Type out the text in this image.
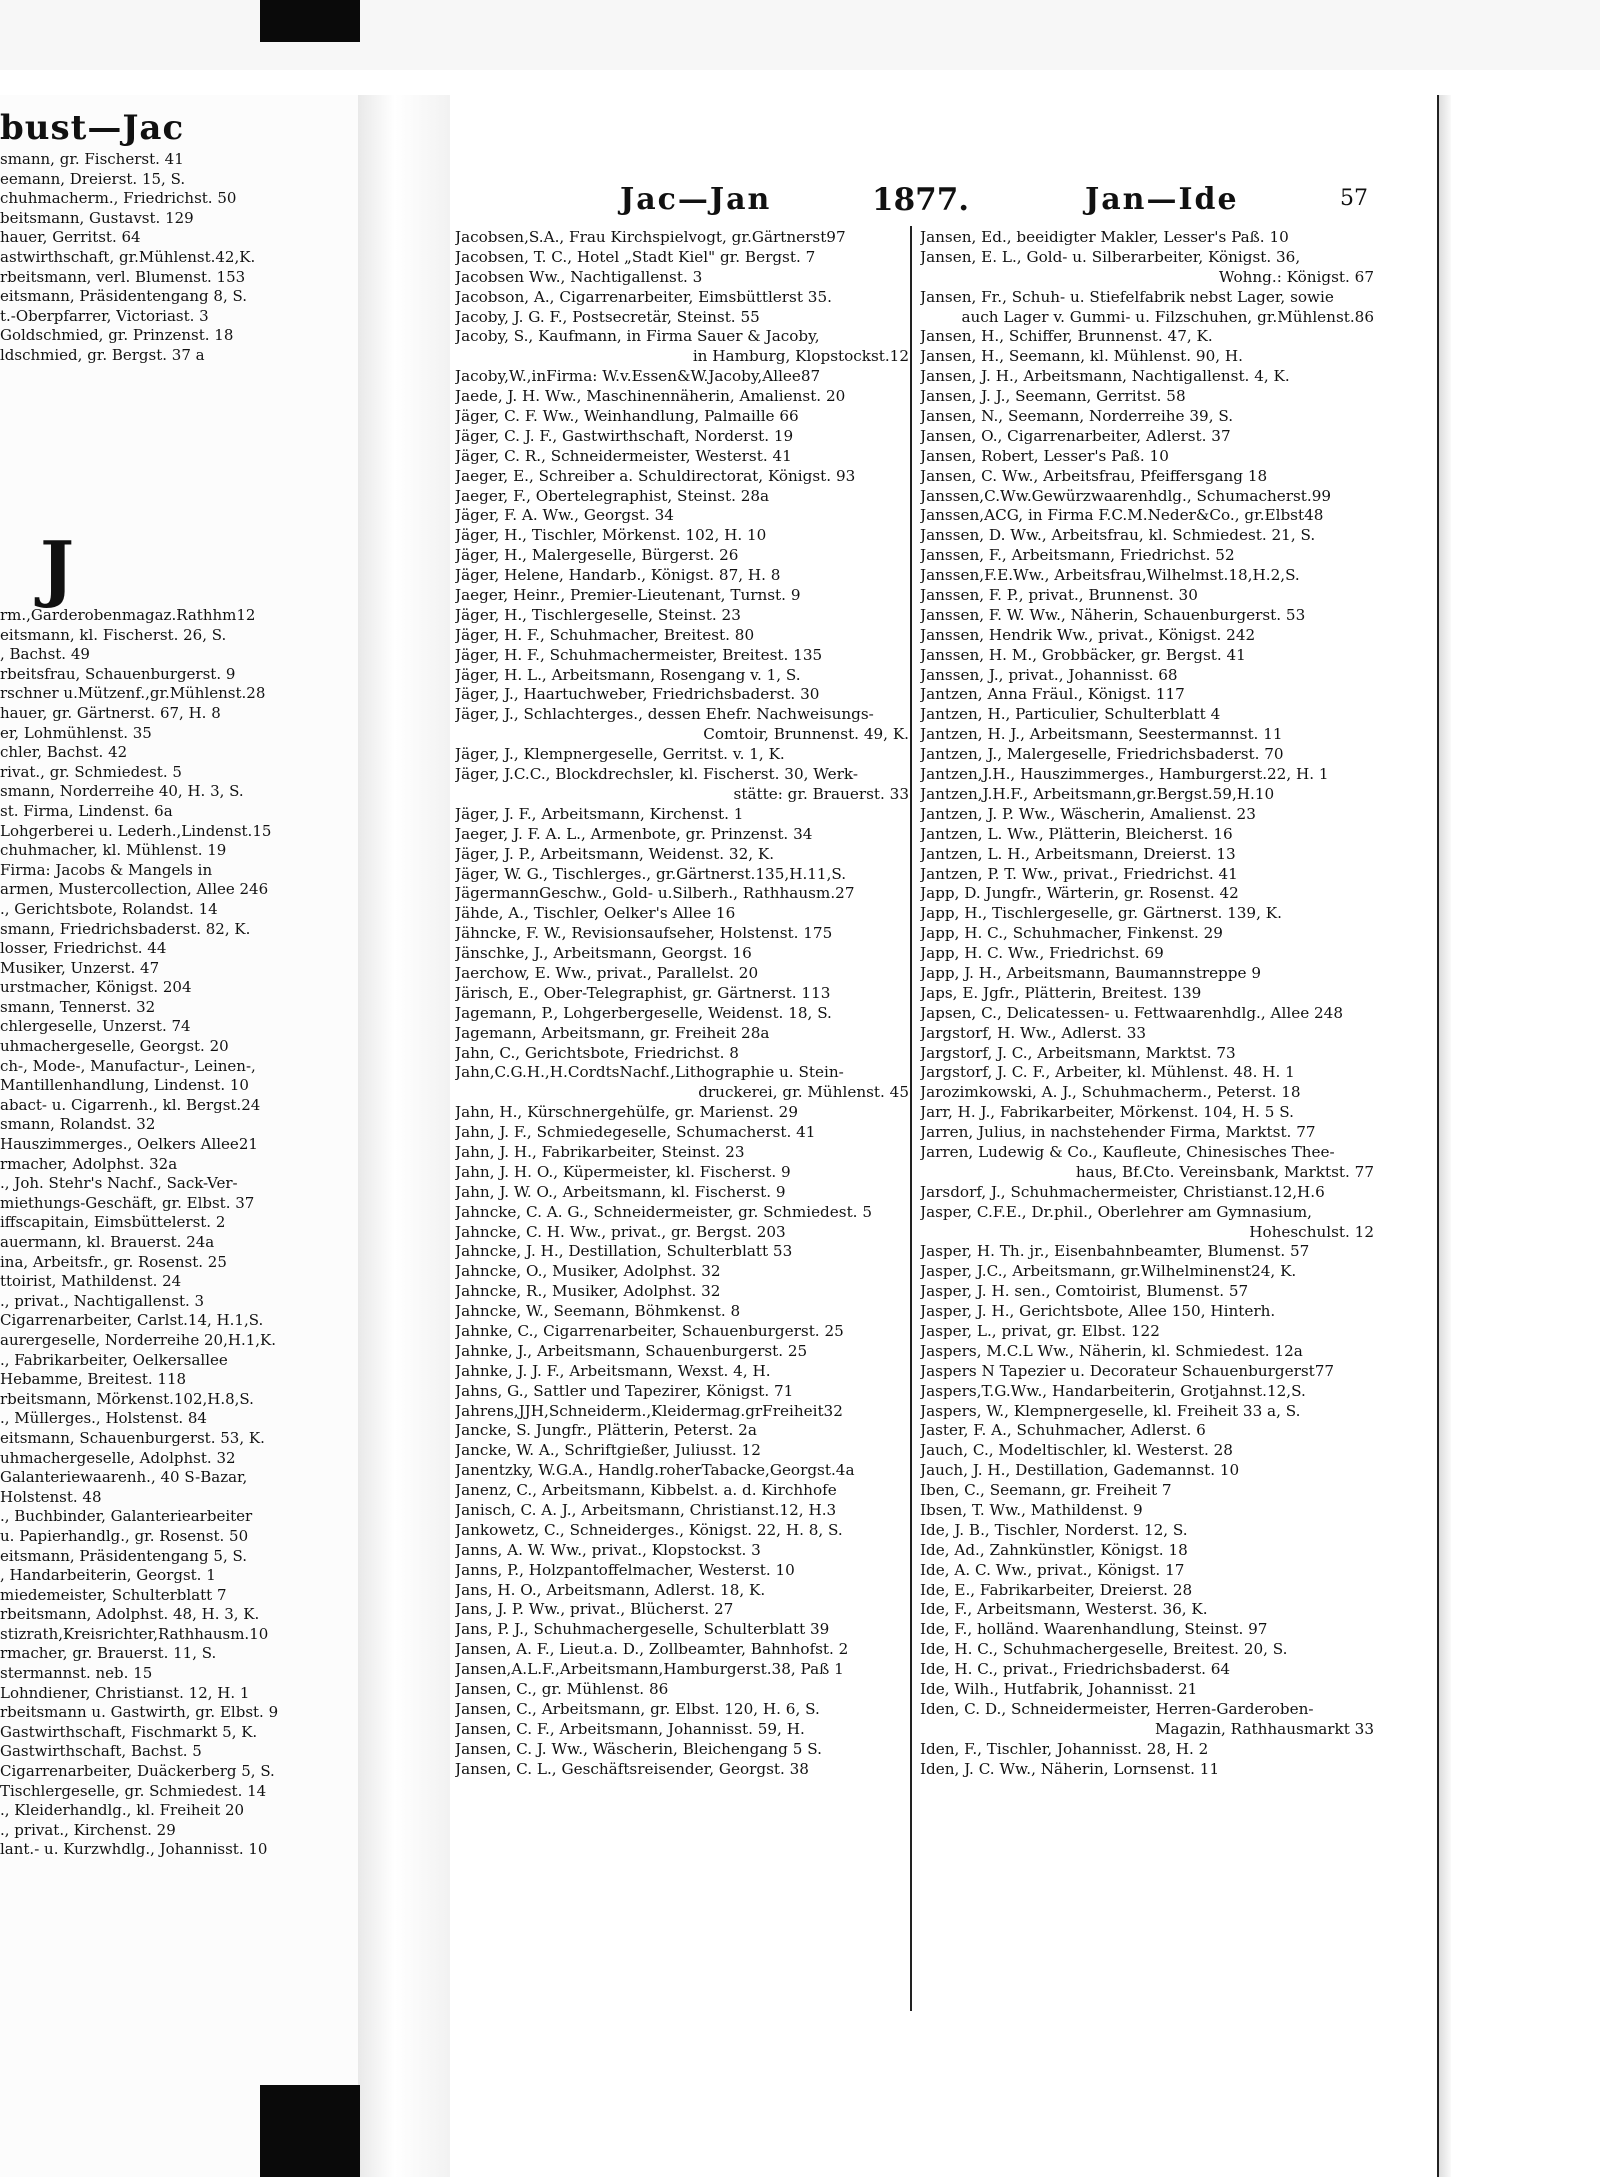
bust—Jac
smann, gr. Fischerst. 41
eemann, Dreierst. 15, S.
chuhmacherm., Friedrichst. 50
beitsmann, Gustavst. 129
hauer, Gerritst. 64
astwirthschaft, gr.Mühlenst.42,K.
rbeitsmann, verl. Blumenst. 153
eitsmann, Präsidentengang 8, S.
t.-Oberpfarrer, Victoriast. 3
Goldschmied, gr. Prinzenst. 18
ldschmied, gr. Bergst. 37 a
J
rm.,Garderobenmagaz.Rathhm12
eitsmann, kl. Fischerst. 26, S.
, Bachst. 49
rbeitsfrau, Schauenburgerst. 9
rschner u.Mützenf.,gr.Mühlenst.28
hauer, gr. Gärtnerst. 67, H. 8
er, Lohmühlenst. 35
chler, Bachst. 42
rivat., gr. Schmiedest. 5
smann, Norderreihe 40, H. 3, S.
st. Firma, Lindenst. 6a
Lohgerberei u. Lederh.,Lindenst.15
chuhmacher, kl. Mühlenst. 19
Firma: Jacobs & Mangels in
armen, Mustercollection, Allee 246
., Gerichtsbote, Rolandst. 14
smann, Friedrichsbaderst. 82, K.
losser, Friedrichst. 44
Musiker, Unzerst. 47
urstmacher, Königst. 204
smann, Tennerst. 32
chlergeselle, Unzerst. 74
uhmachergeselle, Georgst. 20
ch-, Mode-, Manufactur-, Leinen-,
Mantillenhandlung, Lindenst. 10
abact- u. Cigarrenh., kl. Bergst.24
smann, Rolandst. 32
Hauszimmerges., Oelkers Allee21
rmacher, Adolphst. 32a
., Joh. Stehr's Nachf., Sack-Ver-
miethungs-Geschäft, gr. Elbst. 37
iffscapitain, Eimsbüttelerst. 2
auermann, kl. Brauerst. 24a
ina, Arbeitsfr., gr. Rosenst. 25
ttoirist, Mathildenst. 24
., privat., Nachtigallenst. 3
Cigarrenarbeiter, Carlst.14, H.1,S.
aurergeselle, Norderreihe 20,H.1,K.
., Fabrikarbeiter, Oelkersallee
Hebamme, Breitest. 118
rbeitsmann, Mörkenst.102,H.8,S.
., Müllerges., Holstenst. 84
eitsmann, Schauenburgerst. 53, K.
uhmachergeselle, Adolphst. 32
Galanteriewaarenh., 40 S-Bazar,
Holstenst. 48
., Buchbinder, Galanteriearbeiter
u. Papierhandlg., gr. Rosenst. 50
eitsmann, Präsidentengang 5, S.
, Handarbeiterin, Georgst. 1
miedemeister, Schulterblatt 7
rbeitsmann, Adolphst. 48, H. 3, K.
stizrath,Kreisrichter,Rathhausm.10
rmacher, gr. Brauerst. 11, S.
stermannst. neb. 15
Lohndiener, Christianst. 12, H. 1
rbeitsmann u. Gastwirth, gr. Elbst. 9
Gastwirthschaft, Fischmarkt 5, K.
Gastwirthschaft, Bachst. 5
Cigarrenarbeiter, Duäckerberg 5, S.
Tischlergeselle, gr. Schmiedest. 14
., Kleiderhandlg., kl. Freiheit 20
., privat., Kirchenst. 29
lant.- u. Kurzwhdlg., Johannisst. 10
Jac—Jan	1877.	Jan—Ide	57
Jacobsen,S.A., Frau Kirchspielvogt, gr.Gärtnerst97
Jacobsen, T. C., Hotel „Stadt Kiel" gr. Bergst. 7
Jacobsen Ww., Nachtigallenst. 3
Jacobson, A., Cigarrenarbeiter, Eimsbüttlerst 35.
Jacoby, J. G. F., Postsecretär, Steinst. 55
Jacoby, S., Kaufmann, in Firma Sauer & Jacoby,
in Hamburg, Klopstockst.12
Jacoby,W.,inFirma: W.v.Essen&W.Jacoby,Allee87
Jaede, J. H. Ww., Maschinennäherin, Amalienst. 20
Jäger, C. F. Ww., Weinhandlung, Palmaille 66
Jäger, C. J. F., Gastwirthschaft, Norderst. 19
Jäger, C. R., Schneidermeister, Westerst. 41
Jaeger, E., Schreiber a. Schuldirectorat, Königst. 93
Jaeger, F., Obertelegraphist, Steinst. 28a
Jäger, F. A. Ww., Georgst. 34
Jäger, H., Tischler, Mörkenst. 102, H. 10
Jäger, H., Malergeselle, Bürgerst. 26
Jäger, Helene, Handarb., Königst. 87, H. 8
Jaeger, Heinr., Premier-Lieutenant, Turnst. 9
Jäger, H., Tischlergeselle, Steinst. 23
Jäger, H. F., Schuhmacher, Breitest. 80
Jäger, H. F., Schuhmachermeister, Breitest. 135
Jäger, H. L., Arbeitsmann, Rosengang v. 1, S.
Jäger, J., Haartuchweber, Friedrichsbaderst. 30
Jäger, J., Schlachterges., dessen Ehefr. Nachweisungs-
Comtoir, Brunnenst. 49, K.
Jäger, J., Klempnergeselle, Gerritst. v. 1, K.
Jäger, J.C.C., Blockdrechsler, kl. Fischerst. 30, Werk-
stätte: gr. Brauerst. 33
Jäger, J. F., Arbeitsmann, Kirchenst. 1
Jaeger, J. F. A. L., Armenbote, gr. Prinzenst. 34
Jäger, J. P., Arbeitsmann, Weidenst. 32, K.
Jäger, W. G., Tischlerges., gr.Gärtnerst.135,H.11,S.
JägermannGeschw., Gold- u.Silberh., Rathhausm.27
Jähde, A., Tischler, Oelker's Allee 16
Jähncke, F. W., Revisionsaufseher, Holstenst. 175
Jänschke, J., Arbeitsmann, Georgst. 16
Jaerchow, E. Ww., privat., Parallelst. 20
Järisch, E., Ober-Telegraphist, gr. Gärtnerst. 113
Jagemann, P., Lohgerbergeselle, Weidenst. 18, S.
Jagemann, Arbeitsmann, gr. Freiheit 28a
Jahn, C., Gerichtsbote, Friedrichst. 8
Jahn,C.G.H.,H.CordtsNachf.,Lithographie u. Stein-
druckerei, gr. Mühlenst. 45
Jahn, H., Kürschnergehülfe, gr. Marienst. 29
Jahn, J. F., Schmiedegeselle, Schumacherst. 41
Jahn, J. H., Fabrikarbeiter, Steinst. 23
Jahn, J. H. O., Küpermeister, kl. Fischerst. 9
Jahn, J. W. O., Arbeitsmann, kl. Fischerst. 9
Jahncke, C. A. G., Schneidermeister, gr. Schmiedest. 5
Jahncke, C. H. Ww., privat., gr. Bergst. 203
Jahncke, J. H., Destillation, Schulterblatt 53
Jahncke, O., Musiker, Adolphst. 32
Jahncke, R., Musiker, Adolphst. 32
Jahncke, W., Seemann, Böhmkenst. 8
Jahnke, C., Cigarrenarbeiter, Schauenburgerst. 25
Jahnke, J., Arbeitsmann, Schauenburgerst. 25
Jahnke, J. J. F., Arbeitsmann, Wexst. 4, H.
Jahns, G., Sattler und Tapezirer, Königst. 71
Jahrens,JJH,Schneiderm.,Kleidermag.grFreiheit32
Jancke, S. Jungfr., Plätterin, Peterst. 2a
Jancke, W. A., Schriftgießer, Juliusst. 12
Janentzky, W.G.A., Handlg.roherTabacke,Georgst.4a
Janenz, C., Arbeitsmann, Kibbelst. a. d. Kirchhofe
Janisch, C. A. J., Arbeitsmann, Christianst.12, H.3
Jankowetz, C., Schneiderges., Königst. 22, H. 8, S.
Janns, A. W. Ww., privat., Klopstockst. 3
Janns, P., Holzpantoffelmacher, Westerst. 10
Jans, H. O., Arbeitsmann, Adlerst. 18, K.
Jans, J. P. Ww., privat., Blücherst. 27
Jans, P. J., Schuhmachergeselle, Schulterblatt 39
Jansen, A. F., Lieut.a. D., Zollbeamter, Bahnhofst. 2
Jansen,A.L.F.,Arbeitsmann,Hamburgerst.38, Paß 1
Jansen, C., gr. Mühlenst. 86
Jansen, C., Arbeitsmann, gr. Elbst. 120, H. 6, S.
Jansen, C. F., Arbeitsmann, Johannisst. 59, H.
Jansen, C. J. Ww., Wäscherin, Bleichengang 5 S.
Jansen, C. L., Geschäftsreisender, Georgst. 38
Jansen, Ed., beeidigter Makler, Lesser's Paß. 10
Jansen, E. L., Gold- u. Silberarbeiter, Königst. 36,
Wohng.: Königst. 67
Jansen, Fr., Schuh- u. Stiefelfabrik nebst Lager, sowie
auch Lager v. Gummi- u. Filzschuhen, gr.Mühlenst.86
Jansen, H., Schiffer, Brunnenst. 47, K.
Jansen, H., Seemann, kl. Mühlenst. 90, H.
Jansen, J. H., Arbeitsmann, Nachtigallenst. 4, K.
Jansen, J. J., Seemann, Gerritst. 58
Jansen, N., Seemann, Norderreihe 39, S.
Jansen, O., Cigarrenarbeiter, Adlerst. 37
Jansen, Robert, Lesser's Paß. 10
Jansen, C. Ww., Arbeitsfrau, Pfeiffersgang 18
Janssen,C.Ww.Gewürzwaarenhdlg., Schumacherst.99
Janssen,ACG, in Firma F.C.M.Neder&Co., gr.Elbst48
Janssen, D. Ww., Arbeitsfrau, kl. Schmiedest. 21, S.
Janssen, F., Arbeitsmann, Friedrichst. 52
Janssen,F.E.Ww., Arbeitsfrau,Wilhelmst.18,H.2,S.
Janssen, F. P., privat., Brunnenst. 30
Janssen, F. W. Ww., Näherin, Schauenburgerst. 53
Janssen, Hendrik Ww., privat., Königst. 242
Janssen, H. M., Grobbäcker, gr. Bergst. 41
Janssen, J., privat., Johannisst. 68
Jantzen, Anna Fräul., Königst. 117
Jantzen, H., Particulier, Schulterblatt 4
Jantzen, H. J., Arbeitsmann, Seestermannst. 11
Jantzen, J., Malergeselle, Friedrichsbaderst. 70
Jantzen,J.H., Hauszimmerges., Hamburgerst.22, H. 1
Jantzen,J.H.F., Arbeitsmann,gr.Bergst.59,H.10
Jantzen, J. P. Ww., Wäscherin, Amalienst. 23
Jantzen, L. Ww., Plätterin, Bleicherst. 16
Jantzen, L. H., Arbeitsmann, Dreierst. 13
Jantzen, P. T. Ww., privat., Friedrichst. 41
Japp, D. Jungfr., Wärterin, gr. Rosenst. 42
Japp, H., Tischlergeselle, gr. Gärtnerst. 139, K.
Japp, H. C., Schuhmacher, Finkenst. 29
Japp, H. C. Ww., Friedrichst. 69
Japp, J. H., Arbeitsmann, Baumannstreppe 9
Japs, E. Jgfr., Plätterin, Breitest. 139
Japsen, C., Delicatessen- u. Fettwaarenhdlg., Allee 248
Jargstorf, H. Ww., Adlerst. 33
Jargstorf, J. C., Arbeitsmann, Marktst. 73
Jargstorf, J. C. F., Arbeiter, kl. Mühlenst. 48. H. 1
Jarozimkowski, A. J., Schuhmacherm., Peterst. 18
Jarr, H. J., Fabrikarbeiter, Mörkenst. 104, H. 5 S.
Jarren, Julius, in nachstehender Firma, Marktst. 77
Jarren, Ludewig & Co., Kaufleute, Chinesisches Thee-
haus, Bf.Cto. Vereinsbank, Marktst. 77
Jarsdorf, J., Schuhmachermeister, Christianst.12,H.6
Jasper, C.F.E., Dr.phil., Oberlehrer am Gymnasium,
Hoheschulst. 12
Jasper, H. Th. jr., Eisenbahnbeamter, Blumenst. 57
Jasper, J.C., Arbeitsmann, gr.Wilhelminenst24, K.
Jasper, J. H. sen., Comtoirist, Blumenst. 57
Jasper, J. H., Gerichtsbote, Allee 150, Hinterh.
Jasper, L., privat, gr. Elbst. 122
Jaspers, M.C.L Ww., Näherin, kl. Schmiedest. 12a
Jaspers N Tapezier u. Decorateur Schauenburgerst77
Jaspers,T.G.Ww., Handarbeiterin, Grotjahnst.12,S.
Jaspers, W., Klempnergeselle, kl. Freiheit 33 a, S.
Jaster, F. A., Schuhmacher, Adlerst. 6
Jauch, C., Modeltischler, kl. Westerst. 28
Jauch, J. H., Destillation, Gademannst. 10
Iben, C., Seemann, gr. Freiheit 7
Ibsen, T. Ww., Mathildenst. 9
Ide, J. B., Tischler, Norderst. 12, S.
Ide, Ad., Zahnkünstler, Königst. 18
Ide, A. C. Ww., privat., Königst. 17
Ide, E., Fabrikarbeiter, Dreierst. 28
Ide, F., Arbeitsmann, Westerst. 36, K.
Ide, F., holländ. Waarenhandlung, Steinst. 97
Ide, H. C., Schuhmachergeselle, Breitest. 20, S.
Ide, H. C., privat., Friedrichsbaderst. 64
Ide, Wilh., Hutfabrik, Johannisst. 21
Iden, C. D., Schneidermeister, Herren-Garderoben-
Magazin, Rathhausmarkt 33
Iden, F., Tischler, Johannisst. 28, H. 2
Iden, J. C. Ww., Näherin, Lornsenst. 11
